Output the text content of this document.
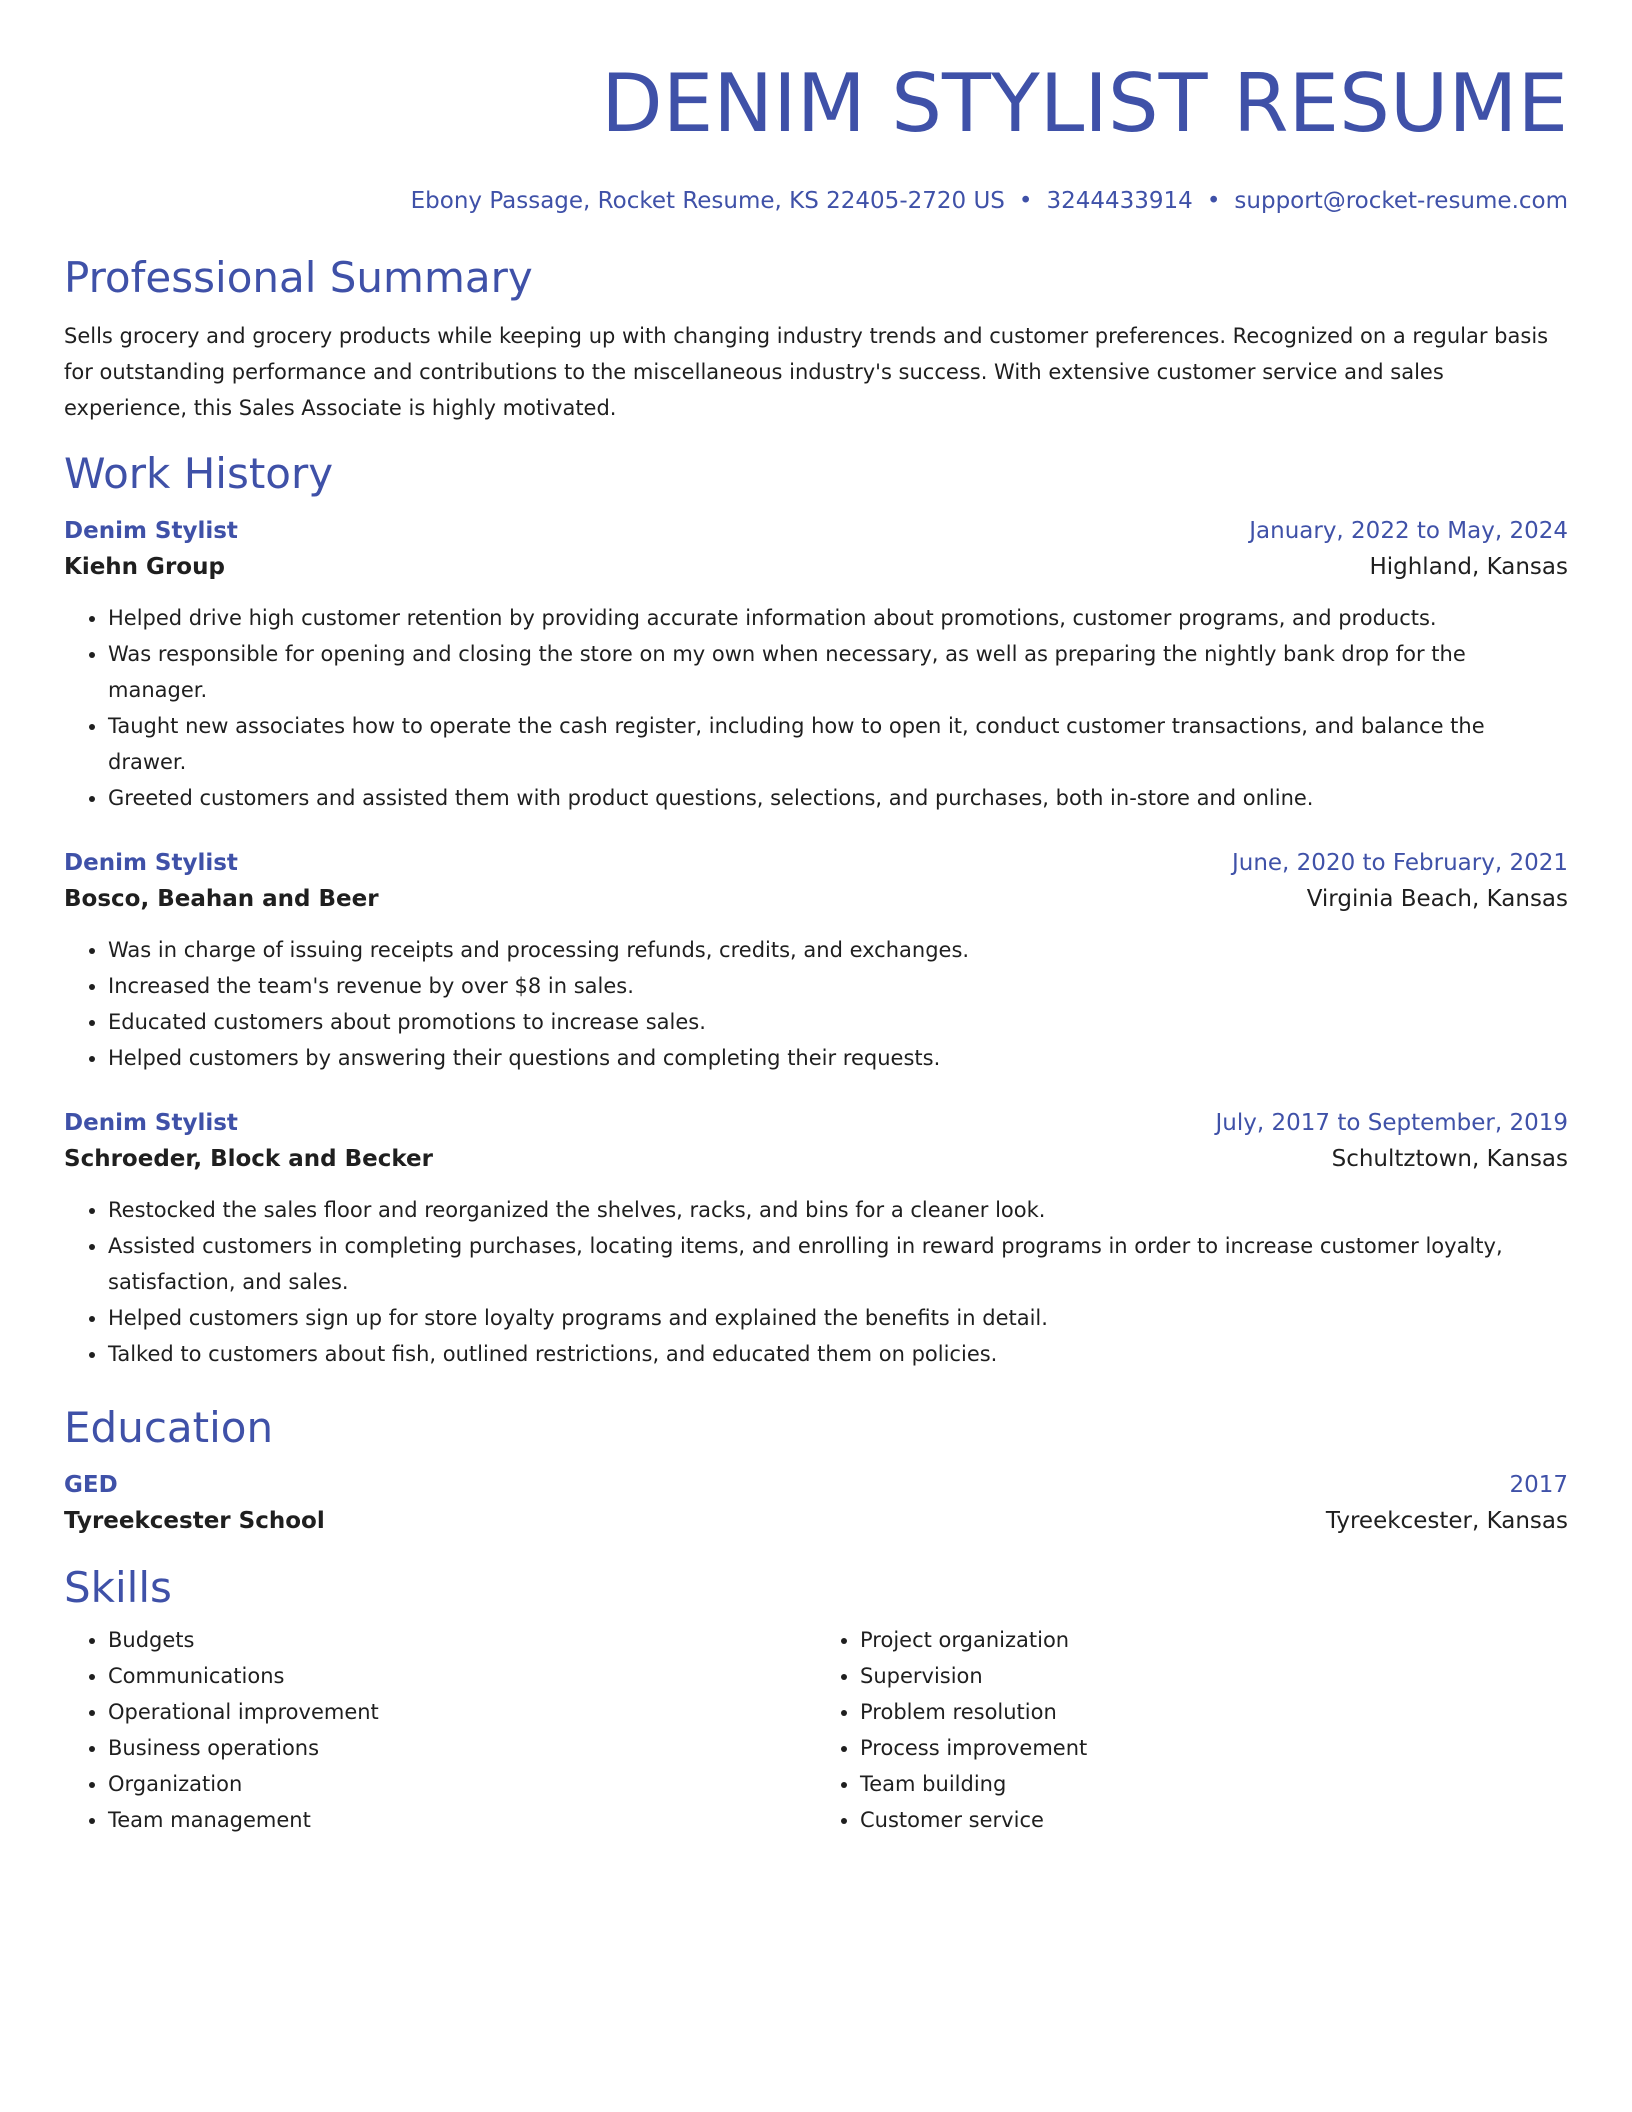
DENIM STYLIST RESUME
Ebony Passage, Rocket Resume, KS 22405-2720 US • 3244433914 • support@rocket-resume.com
Professional Summary
Sells grocery and grocery products while keeping up with changing industry trends and customer preferences. Recognized on a regular basis for outstanding performance and contributions to the miscellaneous industry's success. With extensive customer service and sales experience, this Sales Associate is highly motivated.
Work History
Denim Stylist	January, 2022 to May, 2024
Kiehn Group	Highland, Kansas
• Helped drive high customer retention by providing accurate information about promotions, customer programs, and products.
• Was responsible for opening and closing the store on my own when necessary, as well as preparing the nightly bank drop for the manager.
• Taught new associates how to operate the cash register, including how to open it, conduct customer transactions, and balance the drawer.
• Greeted customers and assisted them with product questions, selections, and purchases, both in-store and online.
Denim Stylist	June, 2020 to February, 2021
Bosco, Beahan and Beer	Virginia Beach, Kansas
• Was in charge of issuing receipts and processing refunds, credits, and exchanges.
• Increased the team's revenue by over $8 in sales.
• Educated customers about promotions to increase sales.
• Helped customers by answering their questions and completing their requests.
Denim Stylist	July, 2017 to September, 2019
Schroeder, Block and Becker	Schultztown, Kansas
• Restocked the sales floor and reorganized the shelves, racks, and bins for a cleaner look.
• Assisted customers in completing purchases, locating items, and enrolling in reward programs in order to increase customer loyalty, satisfaction, and sales.
• Helped customers sign up for store loyalty programs and explained the benefits in detail.
• Talked to customers about fish, outlined restrictions, and educated them on policies.
Education
GED	2017
Tyreekcester School	Tyreekcester, Kansas
Skills
• Budgets
• Communications
• Operational improvement
• Business operations
• Organization
• Team management
• Project organization
• Supervision
• Problem resolution
• Process improvement
• Team building
• Customer service
